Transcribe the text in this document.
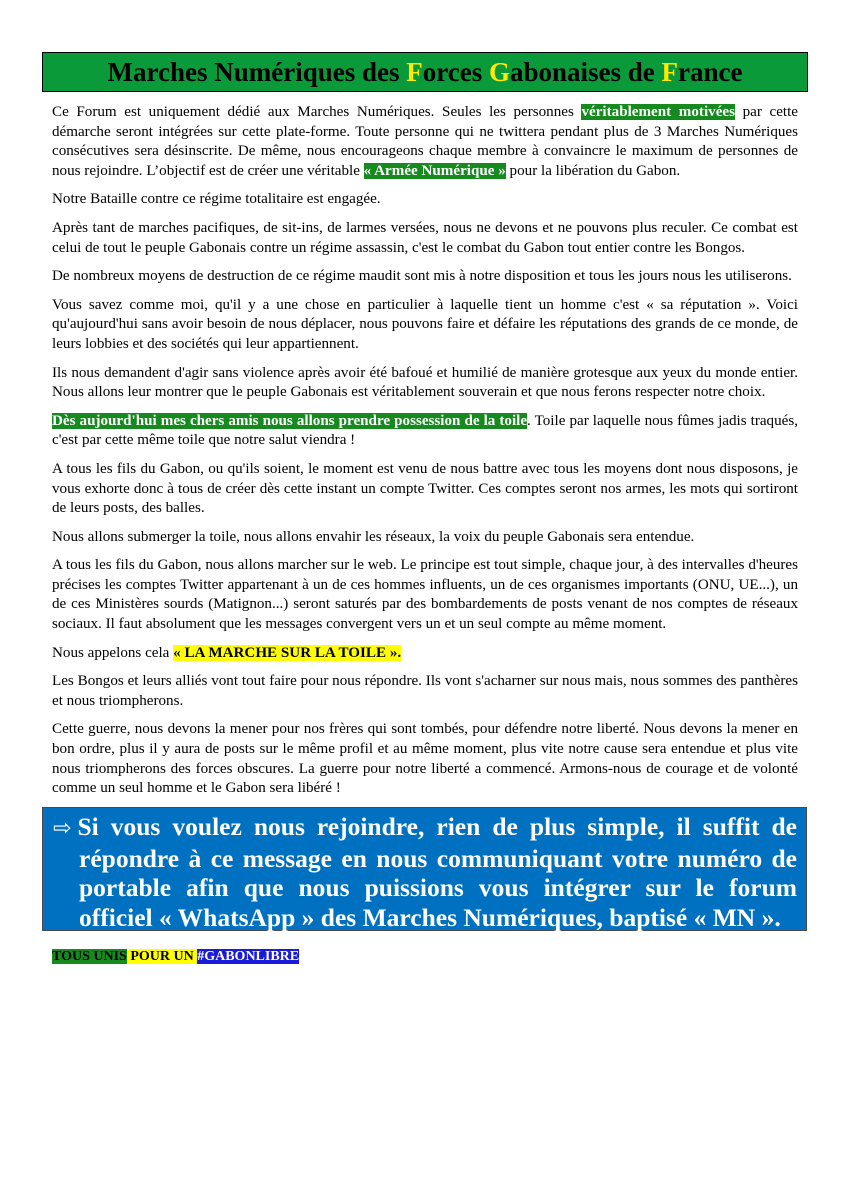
Marches Numériques des Forces Gabonaises de France

Ce Forum est uniquement dédié aux Marches Numériques. Seules les personnes véritablement motivées par cette démarche seront intégrées sur cette plate-forme. Toute personne qui ne twittera pendant plus de 3 Marches Numériques consécutives sera désinscrite. De même, nous encourageons chaque membre à convaincre le maximum de personnes de nous rejoindre. L’objectif est de créer une véritable « Armée Numérique » pour la libération du Gabon.

Notre Bataille contre ce régime totalitaire est engagée.

Après tant de marches pacifiques, de sit-ins, de larmes versées, nous ne devons et ne pouvons plus reculer. Ce combat est celui de tout le peuple Gabonais contre un régime assassin, c'est le combat du Gabon tout entier contre les Bongos.

De nombreux moyens de destruction de ce régime maudit sont mis à notre disposition et tous les jours nous les utiliserons.

Vous savez comme moi, qu'il y a une chose en particulier à laquelle tient un homme c'est « sa réputation ». Voici qu'aujourd'hui sans avoir besoin de nous déplacer, nous pouvons faire et défaire les réputations des grands de ce monde, de leurs lobbies et des sociétés qui leur appartiennent.

Ils nous demandent d'agir sans violence après avoir été bafoué et humilié de manière grotesque aux yeux du monde entier. Nous allons leur montrer que le peuple Gabonais est véritablement souverain et que nous ferons respecter notre choix.

Dès aujourd'hui mes chers amis nous allons prendre possession de la toile. Toile par laquelle nous fûmes jadis traqués, c'est par cette même toile que notre salut viendra !

A tous les fils du Gabon, ou qu'ils soient, le moment est venu de nous battre avec tous les moyens dont nous disposons, je vous exhorte donc à tous de créer dès cette instant un compte Twitter. Ces comptes seront nos armes, les mots qui sortiront de leurs posts, des balles.

Nous allons submerger la toile, nous allons envahir les réseaux, la voix du peuple Gabonais sera entendue.

A tous les fils du Gabon, nous allons marcher sur le web. Le principe est tout simple, chaque jour, à des intervalles d'heures précises les comptes Twitter appartenant à un de ces hommes influents, un de ces organismes importants (ONU, UE...), un de ces Ministères sourds (Matignon...) seront saturés par des bombardements de posts venant de nos comptes de réseaux sociaux. Il faut absolument que les messages convergent vers un et un seul compte au même moment.

Nous appelons cela « LA MARCHE SUR LA TOILE ».

Les Bongos et leurs alliés vont tout faire pour nous répondre. Ils vont s'acharner sur nous mais, nous sommes des panthères et nous triompherons.

Cette guerre, nous devons la mener pour nos frères qui sont tombés, pour défendre notre liberté. Nous devons la mener en bon ordre, plus il y aura de posts sur le même profil et au même moment, plus vite notre cause sera entendue et plus vite nous triompherons des forces obscures. La guerre pour notre liberté a commencé. Armons-nous de courage et de volonté comme un seul homme et le Gabon sera libéré !

⇨ Si vous voulez nous rejoindre, rien de plus simple, il suffit de répondre à ce message en nous communiquant votre numéro de portable afin que nous puissions vous intégrer sur le forum officiel « WhatsApp » des Marches Numériques, baptisé « MN ».
TOUS UNIS POUR UN #GABONLIBRE
